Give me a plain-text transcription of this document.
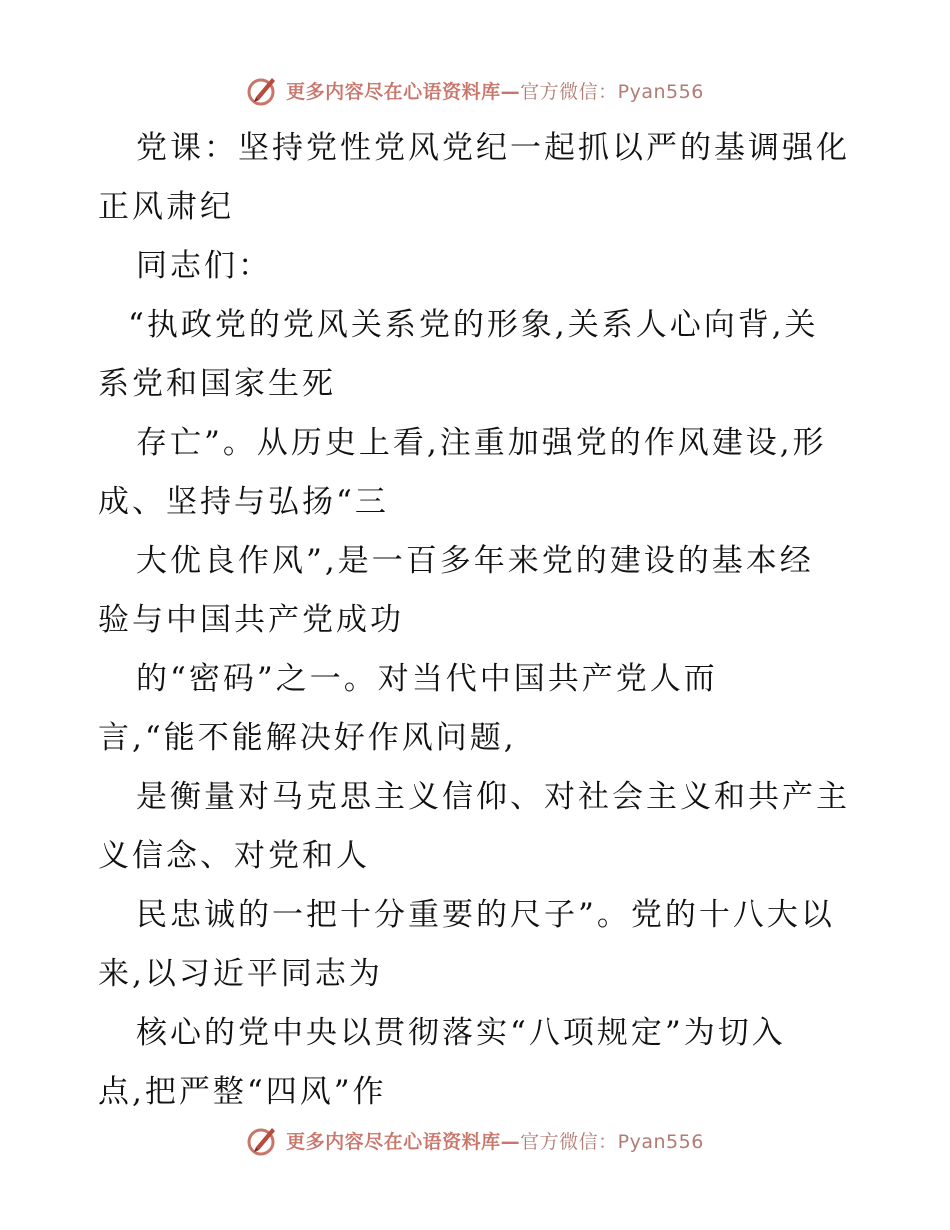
更多内容尽在心语资料库—官方微信：Pyan556
党课：坚持党性党风党纪一起抓以严的基调强化
正风肃纪
同志们：
“执政党的党风关系党的形象,关系人心向背,关
系党和国家生死
存亡”。从历史上看,注重加强党的作风建设,形
成、坚持与弘扬“三
大优良作风”,是一百多年来党的建设的基本经
验与中国共产党成功
的“密码”之一。对当代中国共产党人而
言,“能不能解决好作风问题,
是衡量对马克思主义信仰、对社会主义和共产主
义信念、对党和人
民忠诚的一把十分重要的尺子”。党的十八大以
来,以习近平同志为
核心的党中央以贯彻落实“八项规定”为切入
点,把严整“四风”作
更多内容尽在心语资料库—官方微信：Pyan556
